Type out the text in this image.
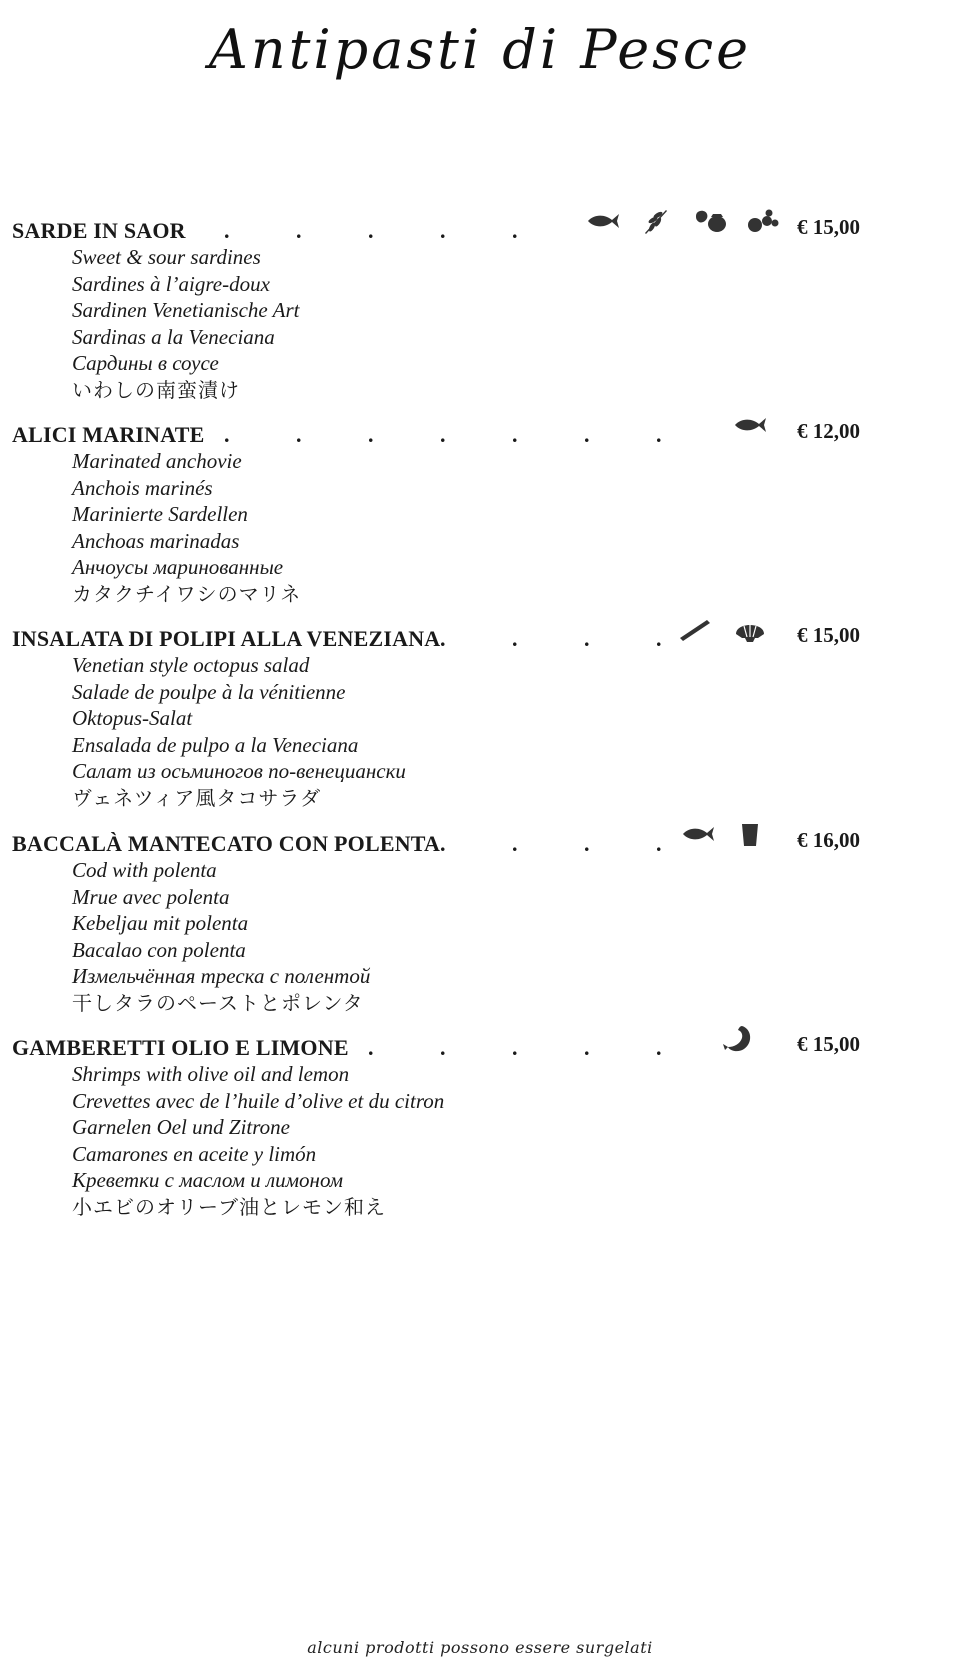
Antipasti di Pesce
SARDE IN SAOR .	.	.	.	.	€ 15,00
Sweet & sour sardines
Sardines à l’aigre-doux
Sardinen Venetianische Art
Sardinas a la Veneciana
Сардины в соусе
いわしの南蛮漬け
ALICI MARINATE .	.	.	.	.	.	.	€ 12,00
Marinated anchovie
Anchois marinés
Marinierte Sardellen
Anchoas marinadas
Анчоусы маринованные
カタクチイワシのマリネ
INSALATA DI POLIPI ALLA VENEZIANA .	.	.	.	€ 15,00
Venetian style octopus salad
Salade de poulpe à la vénitienne
Oktopus-Salat
Ensalada de pulpo a la Veneciana
Салат из осьминогов по-венециански
ヴェネツィア風タコサラダ
BACCALÀ MANTECATO CON POLENTA .	.	.	.	€ 16,00
Cod with polenta
Mrue avec polenta
Kebeljau mit polenta
Bacalao con polenta
Измельчённая треска с полентой
干しタラのペーストとポレンタ
GAMBERETTI OLIO E LIMONE .	.	.	.	.	€ 15,00
Shrimps with olive oil and lemon
Crevettes avec de l’huile d’olive et du citron
Garnelen Oel und Zitrone
Camarones en aceite y limón
Креветки с маслом и лимоном
小エビのオリーブ油とレモン和え
alcuni prodotti possono essere surgelati
